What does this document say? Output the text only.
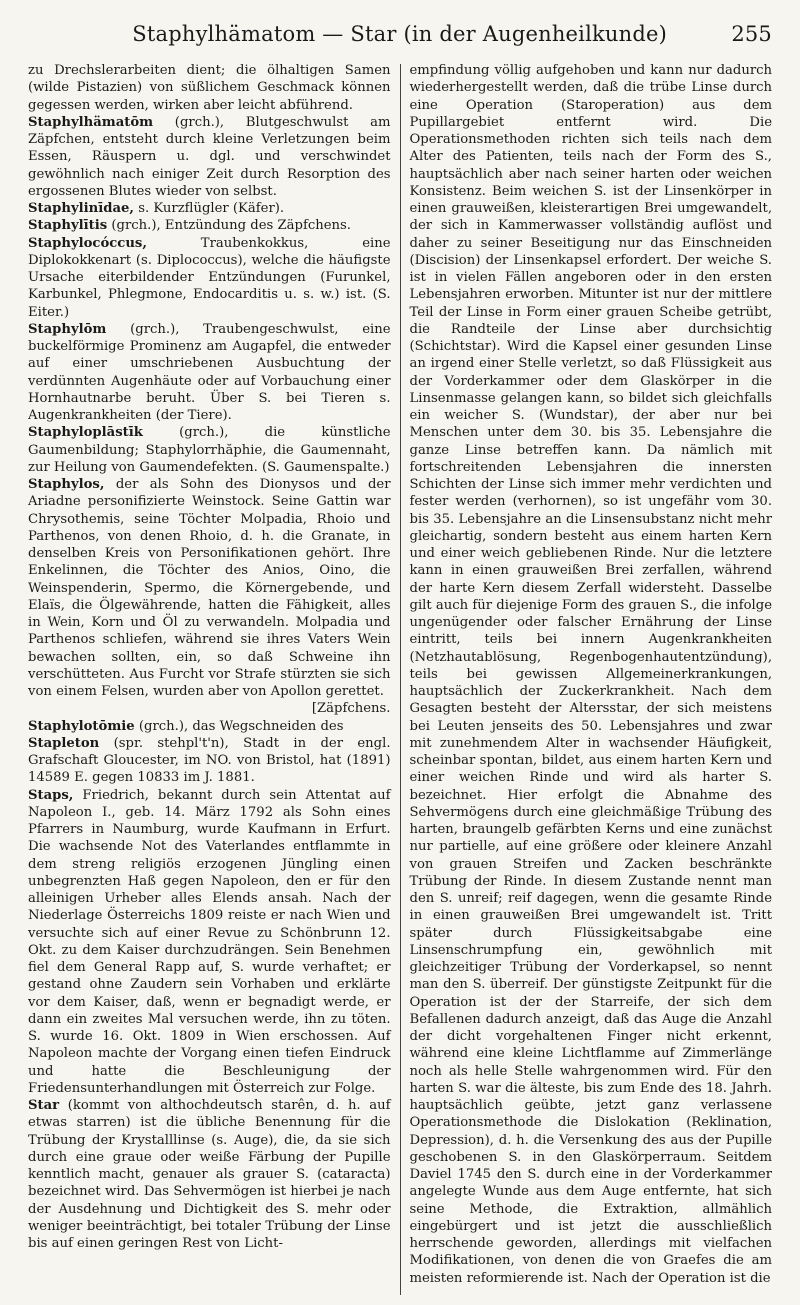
Staphylhämatom — Star (in der Augenheilkunde)	255

zu Drechslerarbeiten dient; die ölhaltigen Samen (wilde Pistazien) von süßlichem Geschmack können gegessen werden, wirken aber leicht abführend.

Staphylhämatōm (grch.), Blutgeschwulst am Zäpfchen, entsteht durch kleine Verletzungen beim Essen, Räuspern u. dgl. und verschwindet gewöhnlich nach einiger Zeit durch Resorption des ergossenen Blutes wieder von selbst.

Staphylinīdae, s. Kurzflügler (Käfer).

Staphylītis (grch.), Entzündung des Zäpfchens.

Staphylocóccus, Traubenkokkus, eine Diplokokkenart (s. Diplococcus), welche die häufigste Ursache eiterbildender Entzündungen (Furunkel, Karbunkel, Phlegmone, Endocarditis u. s. w.) ist. (S. Eiter.)

Staphylōm (grch.), Traubengeschwulst, eine buckelförmige Prominenz am Augapfel, die entweder auf einer umschriebenen Ausbuchtung der verdünnten Augenhäute oder auf Vorbauchung einer Hornhautnarbe beruht. Über S. bei Tieren s. Augenkrankheiten (der Tiere).

Staphyloplāstīk (grch.), die künstliche Gaumenbildung; Staphylorrhăphie, die Gaumennaht, zur Heilung von Gaumendefekten. (S. Gaumenspalte.)

Staphylos, der als Sohn des Dionysos und der Ariadne personifizierte Weinstock. Seine Gattin war Chrysothemis, seine Töchter Molpadia, Rhoio und Parthenos, von denen Rhoio, d. h. die Granate, in denselben Kreis von Personifikationen gehört. Ihre Enkelinnen, die Töchter des Anios, Oino, die Weinspenderin, Spermo, die Körnergebende, und Elaïs, die Ölgewährende, hatten die Fähigkeit, alles in Wein, Korn und Öl zu verwandeln. Molpadia und Parthenos schliefen, während sie ihres Vaters Wein bewachen sollten, ein, so daß Schweine ihn verschütteten. Aus Furcht vor Strafe stürzten sie sich von einem Felsen, wurden aber von Apollon gerettet.

[Zäpfchens.

Staphylotōmie (grch.), das Wegschneiden des

Stapleton (spr. stehpl't'n), Stadt in der engl. Grafschaft Gloucester, im NO. von Bristol, hat (1891) 14589 E. gegen 10833 im J. 1881.

Staps, Friedrich, bekannt durch sein Attentat auf Napoleon I., geb. 14. März 1792 als Sohn eines Pfarrers in Naumburg, wurde Kaufmann in Erfurt. Die wachsende Not des Vaterlandes entflammte in dem streng religiös erzogenen Jüngling einen unbegrenzten Haß gegen Napoleon, den er für den alleinigen Urheber alles Elends ansah. Nach der Niederlage Österreichs 1809 reiste er nach Wien und versuchte sich auf einer Revue zu Schönbrunn 12. Okt. zu dem Kaiser durchzudrängen. Sein Benehmen fiel dem General Rapp auf, S. wurde verhaftet; er gestand ohne Zaudern sein Vorhaben und erklärte vor dem Kaiser, daß, wenn er begnadigt werde, er dann ein zweites Mal versuchen werde, ihn zu töten. S. wurde 16. Okt. 1809 in Wien erschossen. Auf Napoleon machte der Vorgang einen tiefen Eindruck und hatte die Beschleunigung der Friedensunterhandlungen mit Österreich zur Folge.

Star (kommt von althochdeutsch starên, d. h. auf etwas starren) ist die übliche Benennung für die Trübung der Krystalllinse (s. Auge), die, da sie sich durch eine graue oder weiße Färbung der Pupille kenntlich macht, genauer als grauer S. (cataracta) bezeichnet wird. Das Sehvermögen ist hierbei je nach der Ausdehnung und Dichtigkeit des S. mehr oder weniger beeinträchtigt, bei totaler Trübung der Linse bis auf einen geringen Rest von Licht-

empfindung völlig aufgehoben und kann nur dadurch wiederhergestellt werden, daß die trübe Linse durch eine Operation (Staroperation) aus dem Pupillargebiet entfernt wird. Die Operationsmethoden richten sich teils nach dem Alter des Patienten, teils nach der Form des S., hauptsächlich aber nach seiner harten oder weichen Konsistenz. Beim weichen S. ist der Linsenkörper in einen grauweißen, kleisterartigen Brei umgewandelt, der sich in Kammerwasser vollständig auflöst und daher zu seiner Beseitigung nur das Einschneiden (Discision) der Linsenkapsel erfordert. Der weiche S. ist in vielen Fällen angeboren oder in den ersten Lebensjahren erworben. Mitunter ist nur der mittlere Teil der Linse in Form einer grauen Scheibe getrübt, die Randteile der Linse aber durchsichtig (Schichtstar). Wird die Kapsel einer gesunden Linse an irgend einer Stelle verletzt, so daß Flüssigkeit aus der Vorderkammer oder dem Glaskörper in die Linsenmasse gelangen kann, so bildet sich gleichfalls ein weicher S. (Wundstar), der aber nur bei Menschen unter dem 30. bis 35. Lebensjahre die ganze Linse betreffen kann. Da nämlich mit fortschreitenden Lebensjahren die innersten Schichten der Linse sich immer mehr verdichten und fester werden (verhornen), so ist ungefähr vom 30. bis 35. Lebensjahre an die Linsensubstanz nicht mehr gleichartig, sondern besteht aus einem harten Kern und einer weich gebliebenen Rinde. Nur die letztere kann in einen grauweißen Brei zerfallen, während der harte Kern diesem Zerfall widersteht. Dasselbe gilt auch für diejenige Form des grauen S., die infolge ungenügender oder falscher Ernährung der Linse eintritt, teils bei innern Augenkrankheiten (Netzhautablösung, Regenbogenhautentzündung), teils bei gewissen Allgemeinerkrankungen, hauptsächlich der Zuckerkrankheit. Nach dem Gesagten besteht der Altersstar, der sich meistens bei Leuten jenseits des 50. Lebensjahres und zwar mit zunehmendem Alter in wachsender Häufigkeit, scheinbar spontan, bildet, aus einem harten Kern und einer weichen Rinde und wird als harter S. bezeichnet. Hier erfolgt die Abnahme des Sehvermögens durch eine gleichmäßige Trübung des harten, braungelb gefärbten Kerns und eine zunächst nur partielle, auf eine größere oder kleinere Anzahl von grauen Streifen und Zacken beschränkte Trübung der Rinde. In diesem Zustande nennt man den S. unreif; reif dagegen, wenn die gesamte Rinde in einen grauweißen Brei umgewandelt ist. Tritt später durch Flüssigkeitsabgabe eine Linsenschrumpfung ein, gewöhnlich mit gleichzeitiger Trübung der Vorderkapsel, so nennt man den S. überreif. Der günstigste Zeitpunkt für die Operation ist der der Starreife, der sich dem Befallenen dadurch anzeigt, daß das Auge die Anzahl der dicht vorgehaltenen Finger nicht erkennt, während eine kleine Lichtflamme auf Zimmerlänge noch als helle Stelle wahrgenommen wird. Für den harten S. war die älteste, bis zum Ende des 18. Jahrh. hauptsächlich geübte, jetzt ganz verlassene Operationsmethode die Dislokation (Reklination, Depression), d. h. die Versenkung des aus der Pupille geschobenen S. in den Glaskörperraum. Seitdem Daviel 1745 den S. durch eine in der Vorderkammer angelegte Wunde aus dem Auge entfernte, hat sich seine Methode, die Extraktion, allmählich eingebürgert und ist jetzt die ausschließlich herrschende geworden, allerdings mit vielfachen Modifikationen, von denen die von Graefes die am meisten reformierende ist. Nach der Operation ist die
